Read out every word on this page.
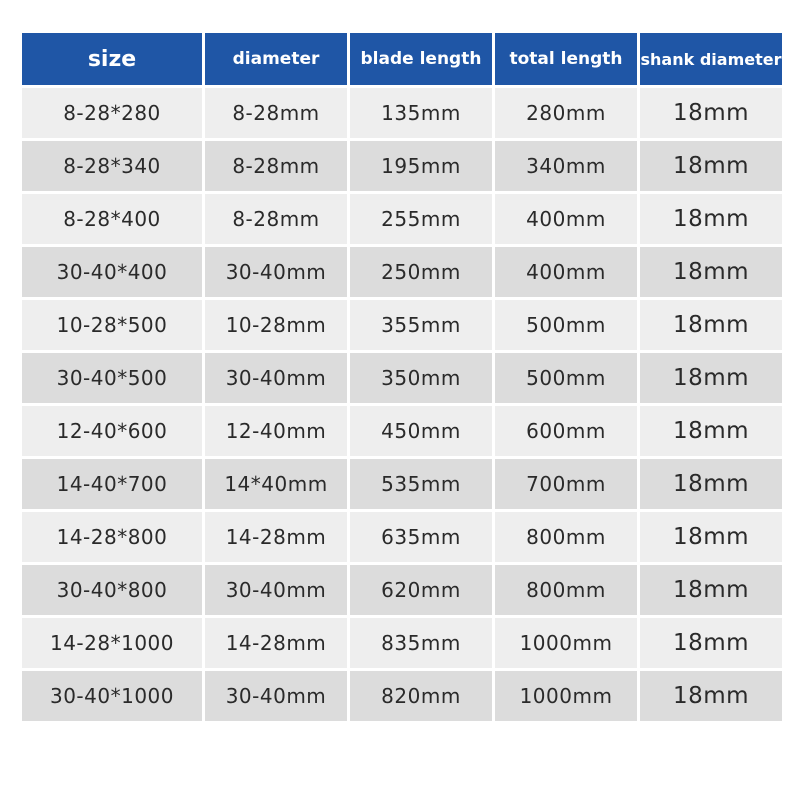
size	diameter	blade length	total length	shank diameter
8-28*280	8-28mm	135mm	280mm	18mm
8-28*340	8-28mm	195mm	340mm	18mm
8-28*400	8-28mm	255mm	400mm	18mm
30-40*400	30-40mm	250mm	400mm	18mm
10-28*500	10-28mm	355mm	500mm	18mm
30-40*500	30-40mm	350mm	500mm	18mm
12-40*600	12-40mm	450mm	600mm	18mm
14-40*700	14*40mm	535mm	700mm	18mm
14-28*800	14-28mm	635mm	800mm	18mm
30-40*800	30-40mm	620mm	800mm	18mm
14-28*1000	14-28mm	835mm	1000mm	18mm
30-40*1000	30-40mm	820mm	1000mm	18mm
